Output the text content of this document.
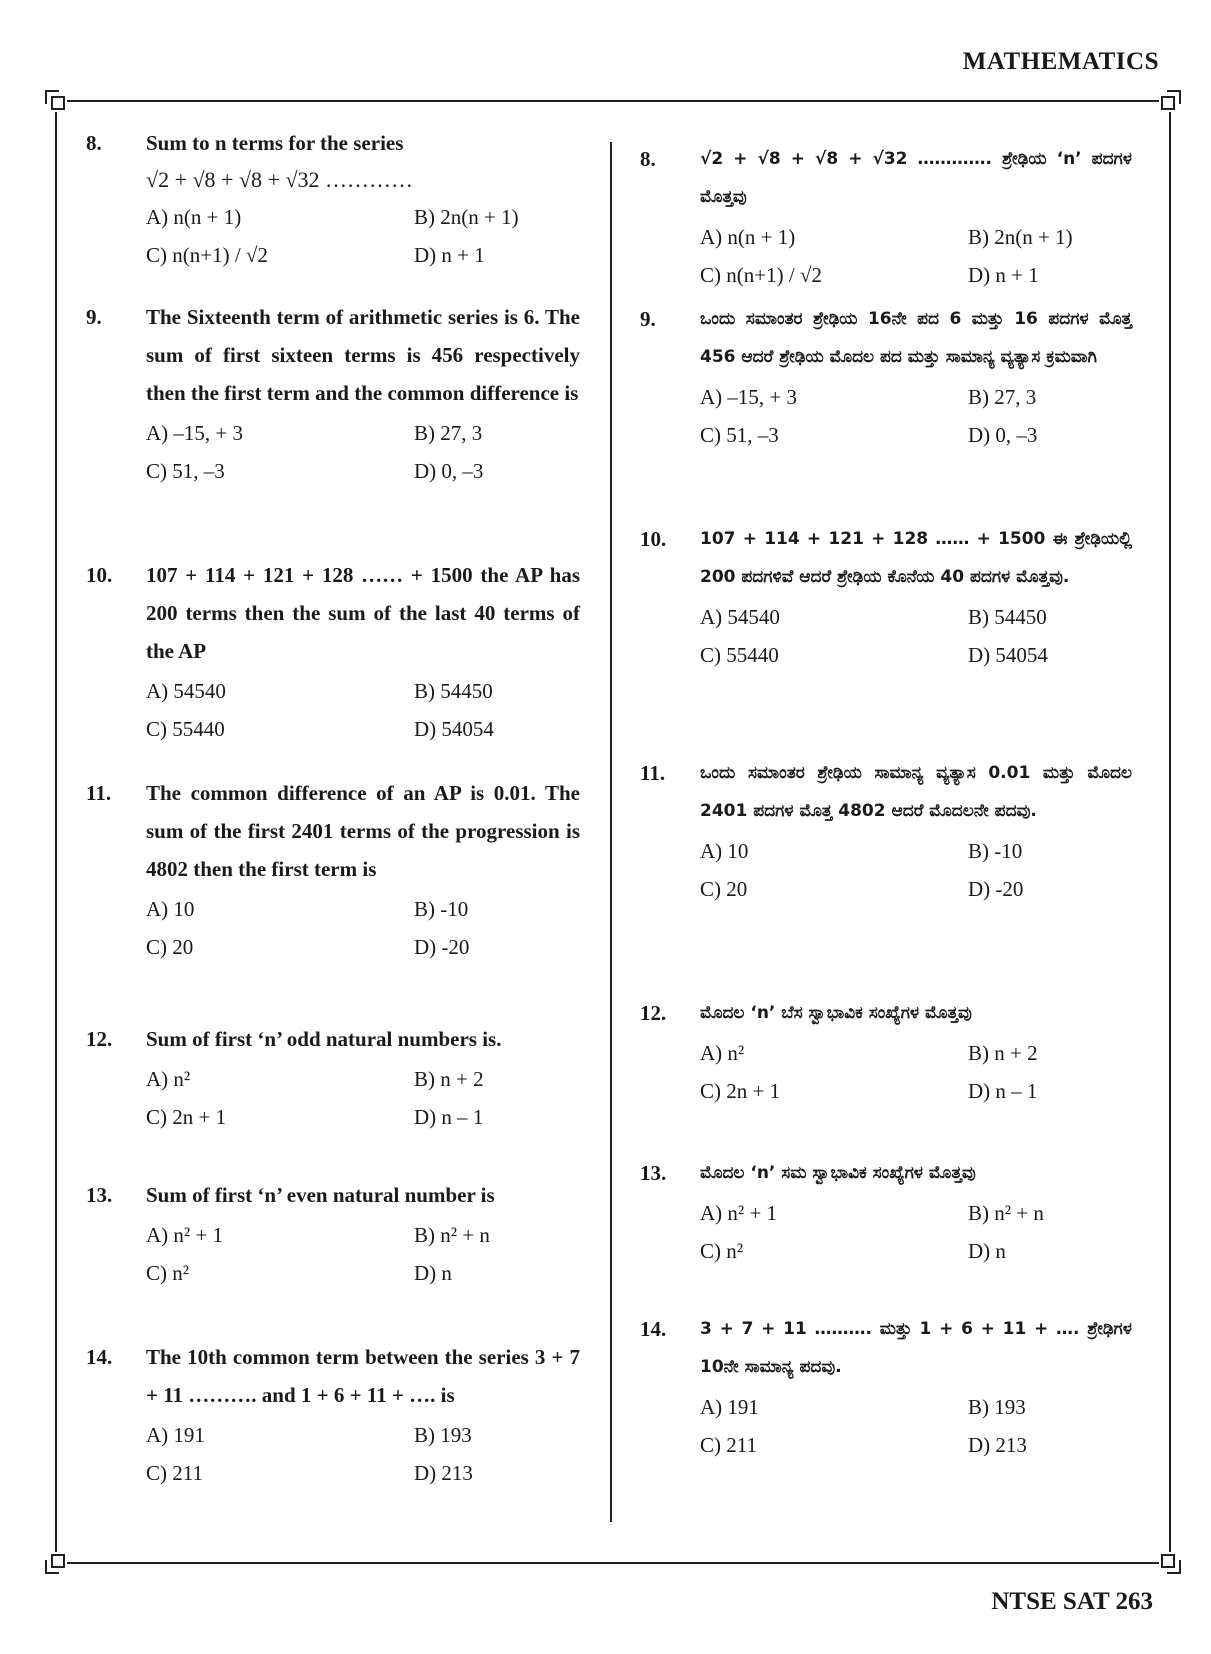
MATHEMATICS
8. Sum to n terms for the series
√2 + √8 + √8 + √32 …………
A) n(n + 1)	B) 2n(n + 1)
C) n(n+1) / √2	D) n + 1
9. The Sixteenth term of arithmetic series is 6. The sum of first sixteen terms is 456 respectively then the first term and the common difference is
A) –15, + 3	B) 27, 3
C) 51, –3	D) 0, –3
10. 107 + 114 + 121 + 128 …… + 1500 the AP has 200 terms then the sum of the last 40 terms of the AP
A) 54540	B) 54450
C) 55440	D) 54054
11. The common difference of an AP is 0.01. The sum of the first 2401 terms of the progression is 4802 then the first term is
A) 10	B) -10
C) 20	D) -20
12. Sum of first ‘n’ odd natural numbers is.
A) n²	B) n + 2
C) 2n + 1	D) n – 1
13. Sum of first ‘n’ even natural number is
A) n² + 1	B) n² + n
C) n²	D) n
14. The 10th common term between the series 3 + 7 + 11 ………. and 1 + 6 + 11 + …. is
A) 191	B) 193
C) 211	D) 213
8.	√2 + √8 + √8 + √32 …………. ಶ್ರೇಢಿಯ ‘n’ ಪದಗಳ ಮೊತ್ತವು
A) n(n + 1)	B) 2n(n + 1)
C) n(n+1) / √2	D) n + 1
9.	ಒಂದು ಸಮಾಂತರ ಶ್ರೇಢಿಯ 16ನೇ ಪದ 6 ಮತ್ತು 16 ಪದಗಳ ಮೊತ್ತ 456 ಆದರೆ ಶ್ರೇಢಿಯ ಮೊದಲ ಪದ ಮತ್ತು ಸಾಮಾನ್ಯ ವ್ಯತ್ಯಾಸ ಕ್ರಮವಾಗಿ
A) –15, + 3	B) 27, 3
C) 51, –3	D) 0, –3
10. 107 + 114 + 121 + 128 …… + 1500 ಈ ಶ್ರೇಢಿಯಲ್ಲಿ 200 ಪದಗಳಿವೆ ಆದರೆ ಶ್ರೇಢಿಯ ಕೊನೆಯ 40 ಪದಗಳ ಮೊತ್ತವು.
A) 54540	B) 54450
C) 55440	D) 54054
11. ಒಂದು ಸಮಾಂತರ ಶ್ರೇಢಿಯ ಸಾಮಾನ್ಯ ವ್ಯತ್ಯಾಸ 0.01 ಮತ್ತು ಮೊದಲ 2401 ಪದಗಳ ಮೊತ್ತ 4802 ಆದರೆ ಮೊದಲನೇ ಪದವು.
A) 10	B) -10
C) 20	D) -20
12. ಮೊದಲ ‘n’ ಬೆಸ ಸ್ವಾಭಾವಿಕ ಸಂಖ್ಯೆಗಳ ಮೊತ್ತವು
A) n²	B) n + 2
C) 2n + 1	D) n – 1
13. ಮೊದಲ ‘n’ ಸಮ ಸ್ವಾಭಾವಿಕ ಸಂಖ್ಯೆಗಳ ಮೊತ್ತವು
A) n² + 1	B) n² + n
C) n²	D) n
14. 3 + 7 + 11 ………. ಮತ್ತು 1 + 6 + 11 + …. ಶ್ರೇಢಿಗಳ 10ನೇ ಸಾಮಾನ್ಯ ಪದವು.
A) 191	B) 193
C) 211	D) 213
NTSE SAT 263
